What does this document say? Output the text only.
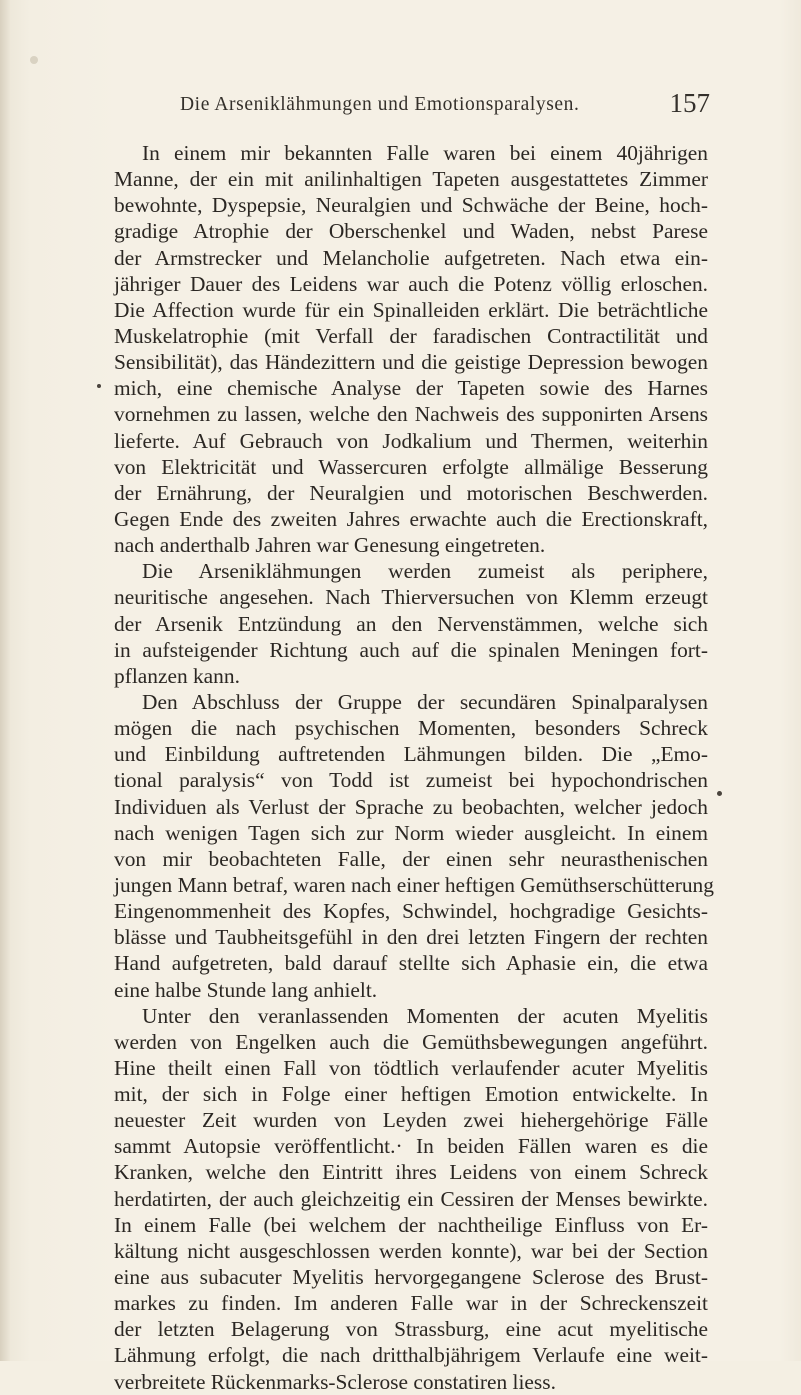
Die Arseniklähmungen und Emotionsparalysen.	157
In einem mir bekannten Falle waren bei einem 40jährigen
Manne, der ein mit anilinhaltigen Tapeten ausgestattetes Zimmer
bewohnte, Dyspepsie, Neuralgien und Schwäche der Beine, hoch-
gradige Atrophie der Oberschenkel und Waden, nebst Parese
der Armstrecker und Melancholie aufgetreten. Nach etwa ein-
jähriger Dauer des Leidens war auch die Potenz völlig erloschen.
Die Affection wurde für ein Spinalleiden erklärt. Die beträchtliche
Muskelatrophie (mit Verfall der faradischen Contractilität und
Sensibilität), das Händezittern und die geistige Depression bewogen
mich, eine chemische Analyse der Tapeten sowie des Harnes
vornehmen zu lassen, welche den Nachweis des supponirten Arsens
lieferte. Auf Gebrauch von Jodkalium und Thermen, weiterhin
von Elektricität und Wassercuren erfolgte allmälige Besserung
der Ernährung, der Neuralgien und motorischen Beschwerden.
Gegen Ende des zweiten Jahres erwachte auch die Erectionskraft,
nach anderthalb Jahren war Genesung eingetreten.
Die Arseniklähmungen werden zumeist als periphere,
neuritische angesehen. Nach Thierversuchen von Klemm erzeugt
der Arsenik Entzündung an den Nervenstämmen, welche sich
in aufsteigender Richtung auch auf die spinalen Meningen fort-
pflanzen kann.
Den Abschluss der Gruppe der secundären Spinalparalysen
mögen die nach psychischen Momenten, besonders Schreck
und Einbildung auftretenden Lähmungen bilden. Die „Emo-
tional paralysis“ von Todd ist zumeist bei hypochondrischen
Individuen als Verlust der Sprache zu beobachten, welcher jedoch
nach wenigen Tagen sich zur Norm wieder ausgleicht. In einem
von mir beobachteten Falle, der einen sehr neurasthenischen
jungen Mann betraf, waren nach einer heftigen Gemüthserschütterung
Eingenommenheit des Kopfes, Schwindel, hochgradige Gesichts-
blässe und Taubheitsgefühl in den drei letzten Fingern der rechten
Hand aufgetreten, bald darauf stellte sich Aphasie ein, die etwa
eine halbe Stunde lang anhielt.
Unter den veranlassenden Momenten der acuten Myelitis
werden von Engelken auch die Gemüthsbewegungen angeführt.
Hine theilt einen Fall von tödtlich verlaufender acuter Myelitis
mit, der sich in Folge einer heftigen Emotion entwickelte. In
neuester Zeit wurden von Leyden zwei hiehergehörige Fälle
sammt Autopsie veröffentlicht.· In beiden Fällen waren es die
Kranken, welche den Eintritt ihres Leidens von einem Schreck
herdatirten, der auch gleichzeitig ein Cessiren der Menses bewirkte.
In einem Falle (bei welchem der nachtheilige Einfluss von Er-
kältung nicht ausgeschlossen werden konnte), war bei der Section
eine aus subacuter Myelitis hervorgegangene Sclerose des Brust-
markes zu finden. Im anderen Falle war in der Schreckenszeit
der letzten Belagerung von Strassburg, eine acut myelitische
Lähmung erfolgt, die nach dritthalbjährigem Verlaufe eine weit-
verbreitete Rückenmarks-Sclerose constatiren liess.
